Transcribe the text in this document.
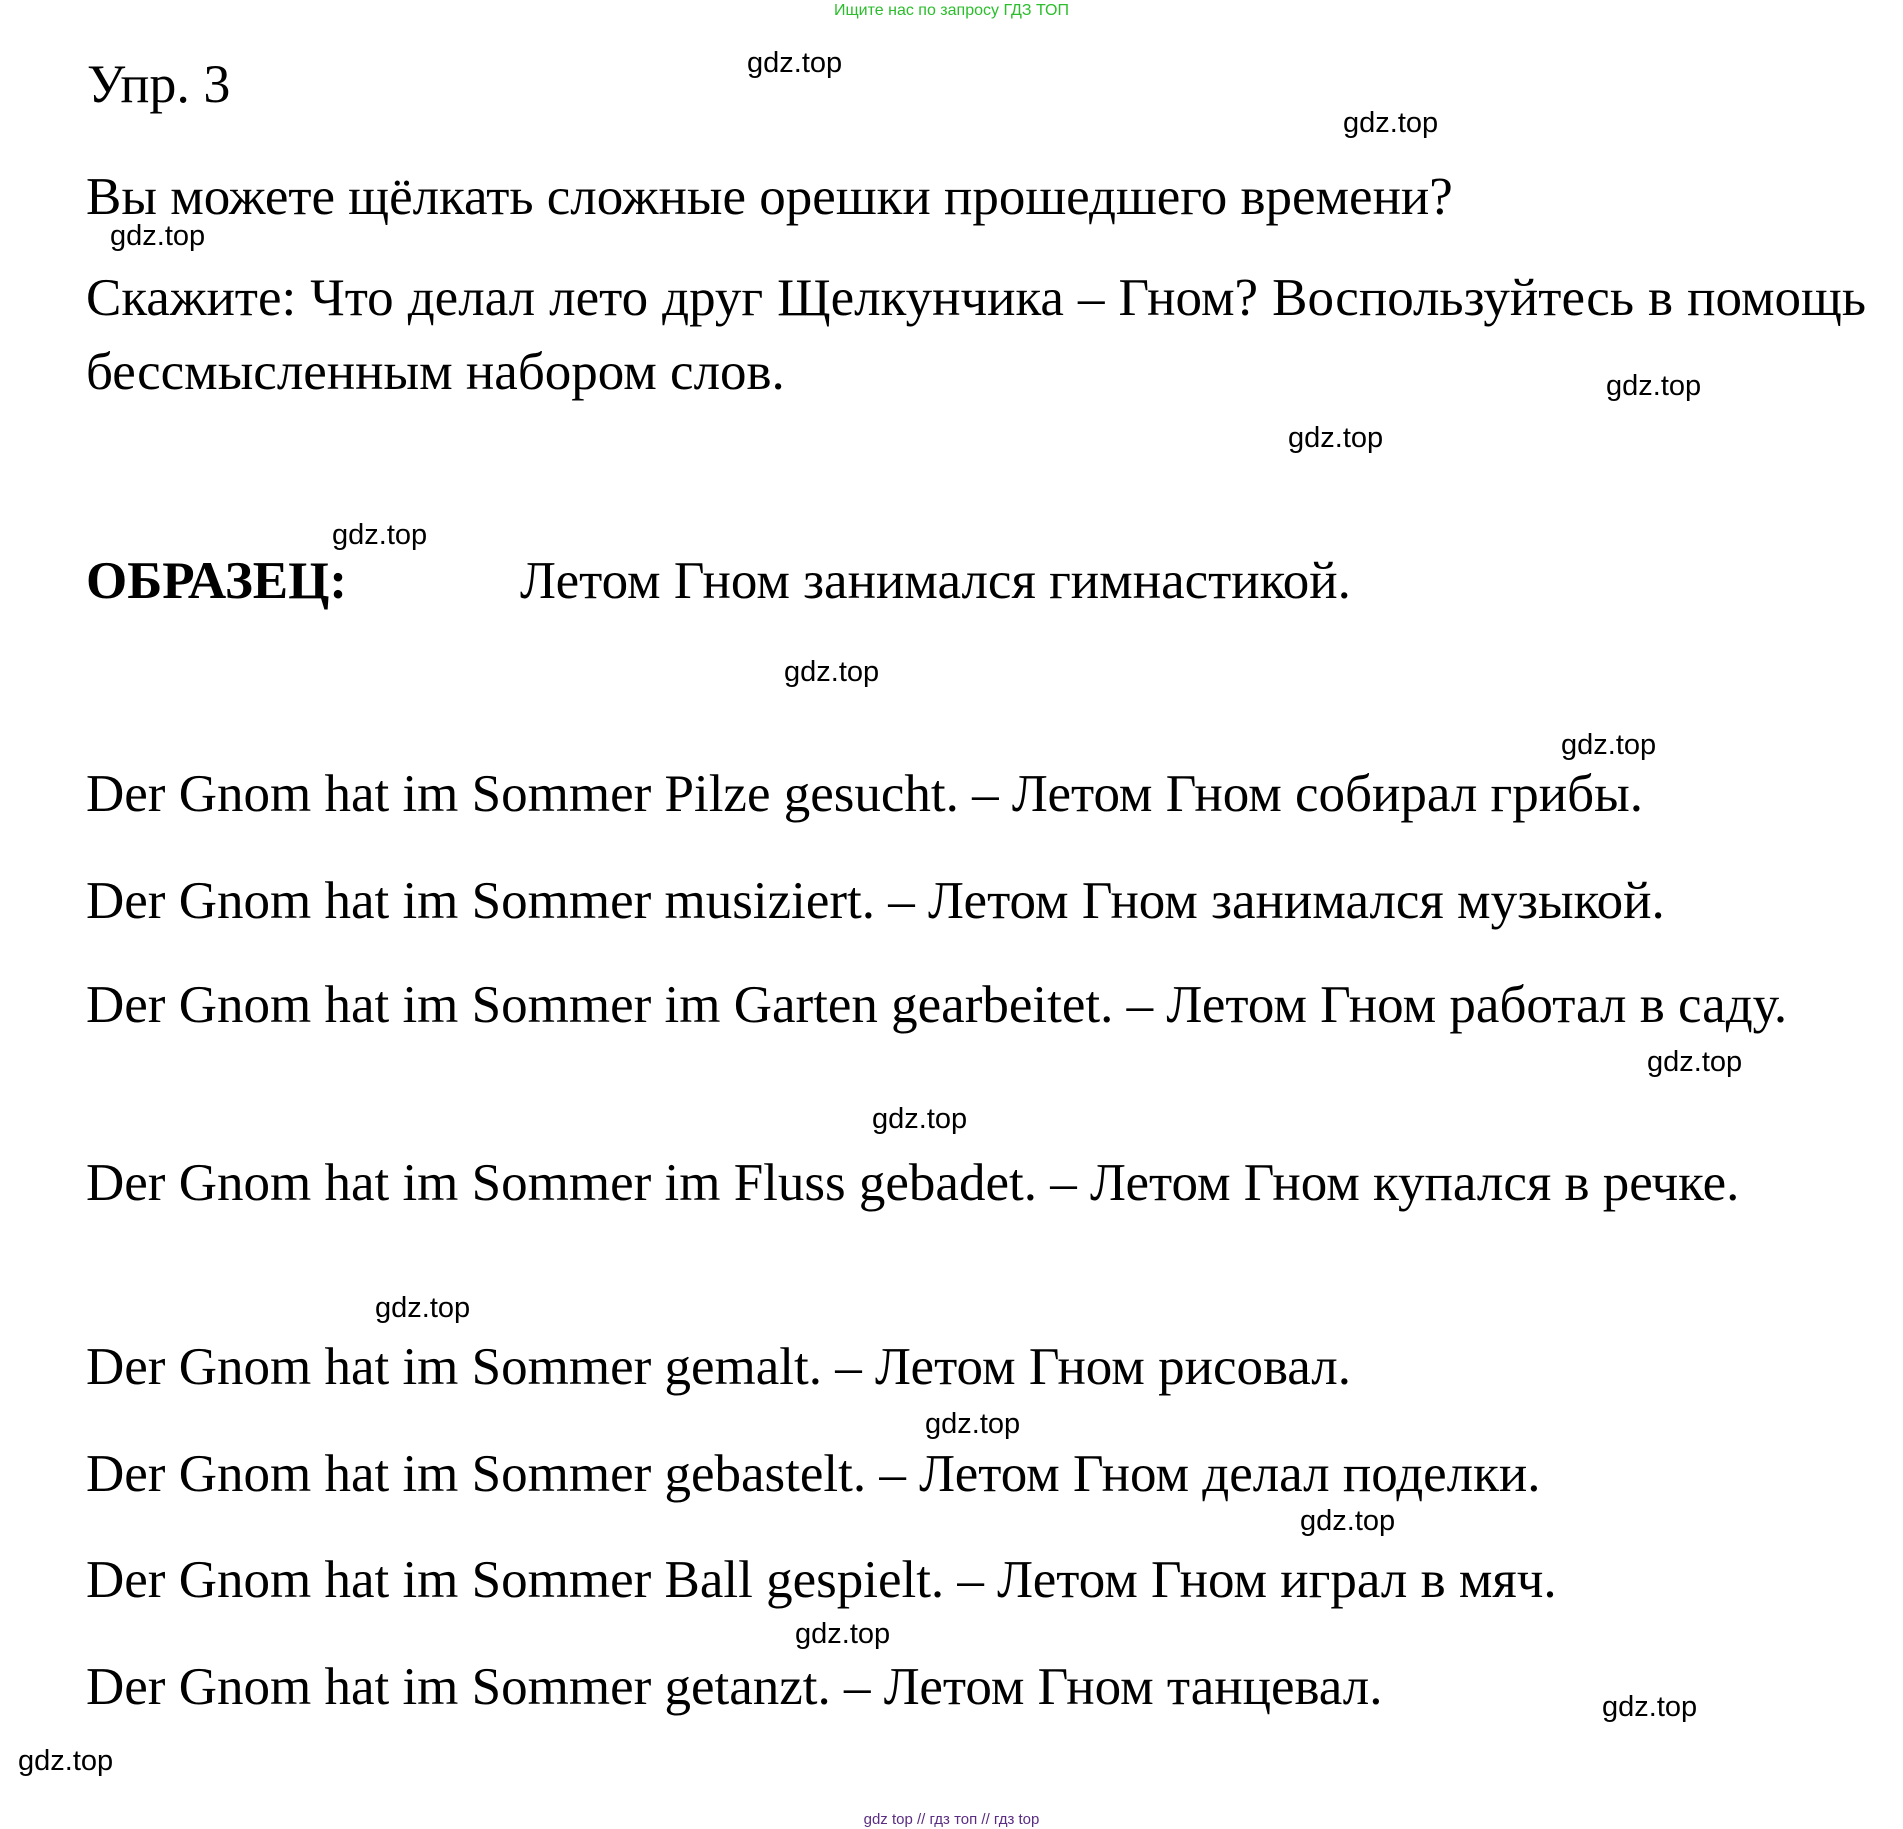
Ищите нас по запросу ГДЗ ТОП
Упр. 3
Вы можете щёлкать сложные орешки прошедшего времени?
Скажите: Что делал лето друг Щелкунчика – Гном? Воспользуйтесь в помощь бессмысленным набором слов.
ОБРАЗЕЦ:	Летом Гном занимался гимнастикой.
Der Gnom hat im Sommer Pilze gesucht. – Летом Гном собирал грибы.
Der Gnom hat im Sommer musiziert. – Летом Гном занимался музыкой.
Der Gnom hat im Sommer im Garten gearbeitet. – Летом Гном работал в саду.
Der Gnom hat im Sommer im Fluss gebadet. – Летом Гном купался в речке.
Der Gnom hat im Sommer gemalt. – Летом Гном рисовал.
Der Gnom hat im Sommer gebastelt. – Летом Гном делал поделки.
Der Gnom hat im Sommer Ball gespielt. – Летом Гном играл в мяч.
Der Gnom hat im Sommer getanzt. – Летом Гном танцевал.
gdz.top
gdz.top
gdz.top
gdz.top
gdz.top
gdz.top
gdz.top
gdz.top
gdz.top
gdz.top
gdz.top
gdz.top
gdz.top
gdz.top
gdz.top
gdz.top
gdz top // гдз топ // гдз top
